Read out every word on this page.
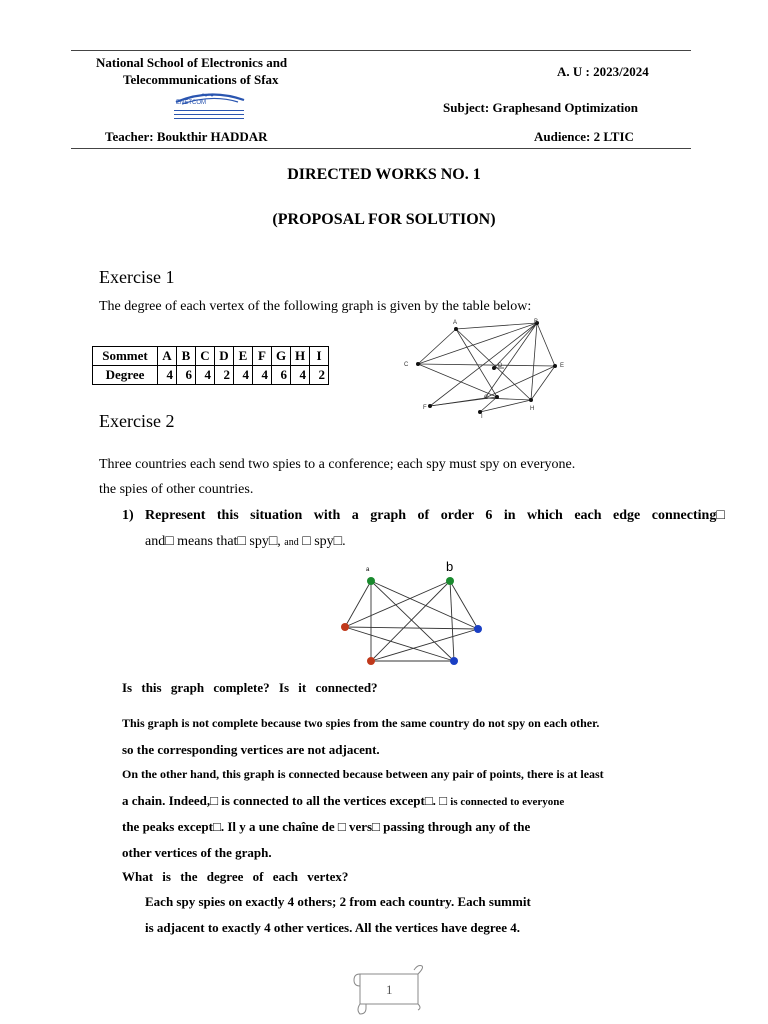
National School of Electronics and
Telecommunications of Sfax
A. U : 2023/2024
ENETCOM	Subject: Graphesand Optimization
Teacher: Boukthir HADDAR	Audience: 2 LTIC
DIRECTED WORKS NO. 1
(PROPOSAL FOR SOLUTION)
Exercise 1
The degree of each vertex of the following graph is given by the table below:
Sommet	A	B	C	D	E	F	G	H	I
Degree	4	6	4	2	4	4	6	4	2
A	B
C	D	E
F
G
H
I
Exercise 2
Three countries each send two spies to a conference; each spy must spy on everyone.
the spies of other countries.
1) Represent this situation with a graph of order 6 in which each edge connecting□
and□ means that□ spy□, and □ spy□.
a	b
Is this graph complete? Is it connected?
This graph is not complete because two spies from the same country do not spy on each other.
so the corresponding vertices are not adjacent.
On the other hand, this graph is connected because between any pair of points, there is at least
a chain. Indeed,□ is connected to all the vertices except□. □ is connected to everyone
the peaks except□. Il y a une chaîne de □ vers□ passing through any of the
other vertices of the graph.
What is the degree of each vertex?
Each spy spies on exactly 4 others; 2 from each country. Each summit
is adjacent to exactly 4 other vertices. All the vertices have degree 4.
1
